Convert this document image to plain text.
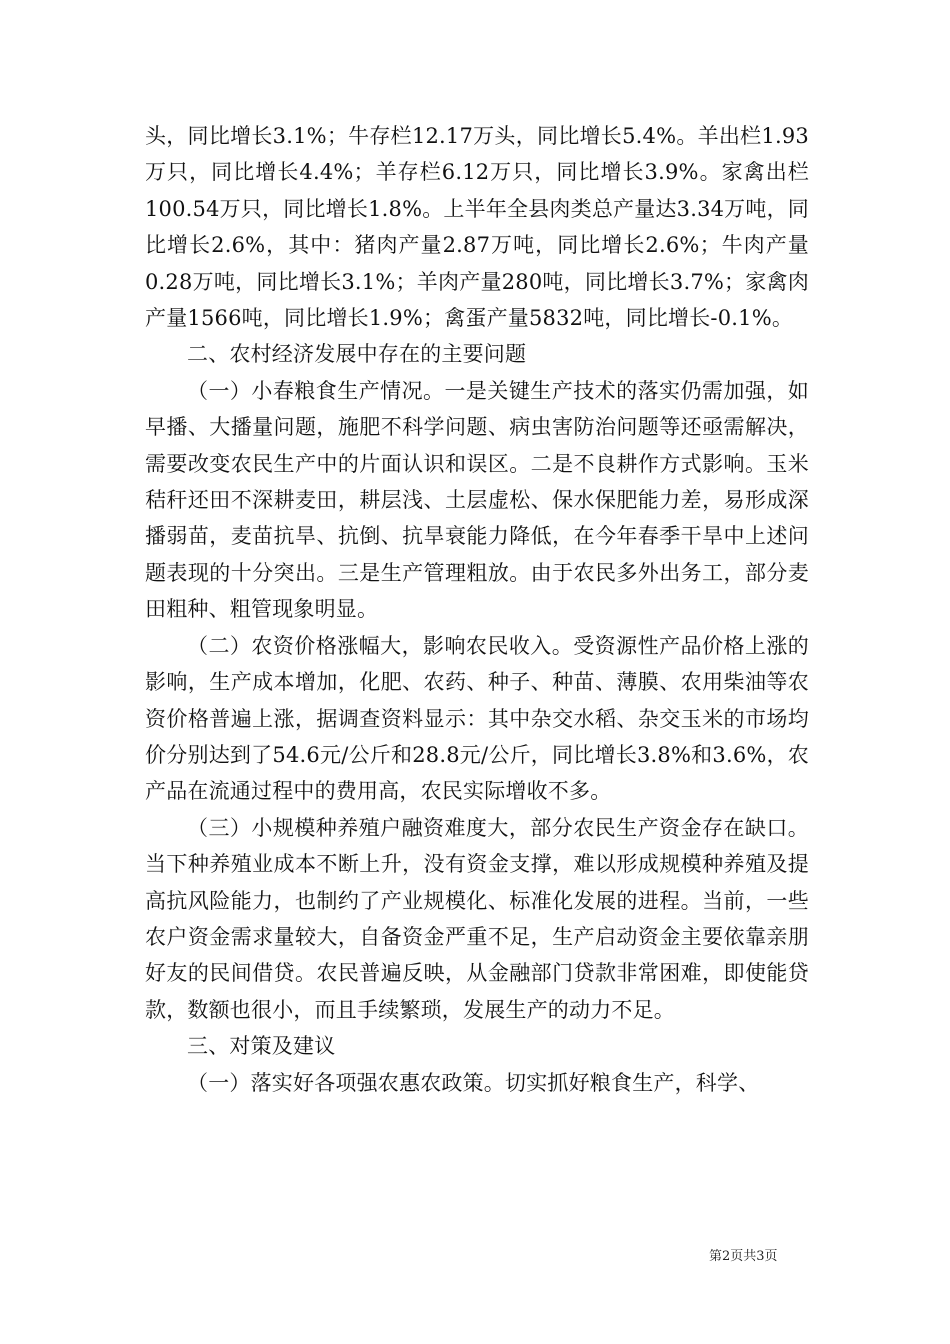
头，同比增长3.1%；牛存栏12.17万头，同比增长5.4%。羊出栏1.93万只，同比增长4.4%；羊存栏6.12万只，同比增长3.9%。家禽出栏100.54万只，同比增长1.8%。上半年全县肉类总产量达3.34万吨，同比增长2.6%，其中：猪肉产量2.87万吨，同比增长2.6%；牛肉产量0.28万吨，同比增长3.1%；羊肉产量280吨，同比增长3.7%；家禽肉产量1566吨，同比增长1.9%；禽蛋产量5832吨，同比增长-0.1%。

二、农村经济发展中存在的主要问题

（一）小春粮食生产情况。一是关键生产技术的落实仍需加强，如早播、大播量问题，施肥不科学问题、病虫害防治问题等还亟需解决，需要改变农民生产中的片面认识和误区。二是不良耕作方式影响。玉米秸秆还田不深耕麦田，耕层浅、土层虚松、保水保肥能力差，易形成深播弱苗，麦苗抗旱、抗倒、抗旱衰能力降低，在今年春季干旱中上述问题表现的十分突出。三是生产管理粗放。由于农民多外出务工，部分麦田粗种、粗管现象明显。

（二）农资价格涨幅大，影响农民收入。受资源性产品价格上涨的影响，生产成本增加，化肥、农药、种子、种苗、薄膜、农用柴油等农资价格普遍上涨，据调查资料显示：其中杂交水稻、杂交玉米的市场均价分别达到了54.6元/公斤和28.8元/公斤，同比增长3.8%和3.6%，农产品在流通过程中的费用高，农民实际增收不多。

（三）小规模种养殖户融资难度大，部分农民生产资金存在缺口。当下种养殖业成本不断上升，没有资金支撑，难以形成规模种养殖及提高抗风险能力，也制约了产业规模化、标准化发展的进程。当前，一些农户资金需求量较大，自备资金严重不足，生产启动资金主要依靠亲朋好友的民间借贷。农民普遍反映，从金融部门贷款非常困难，即使能贷款，数额也很小，而且手续繁琐，发展生产的动力不足。

三、对策及建议

（一）落实好各项强农惠农政策。切实抓好粮食生产，科学、

第2页共3页
